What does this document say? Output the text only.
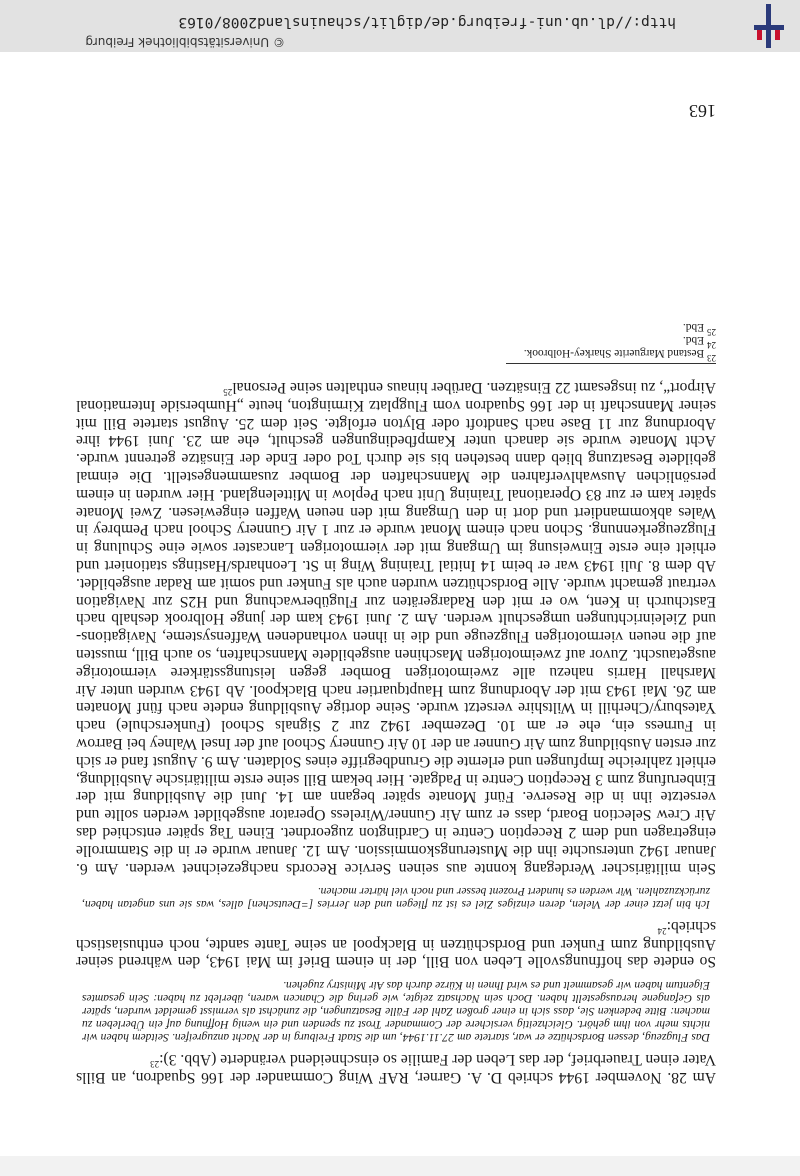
Am 28. November 1944 schrieb D. A. Garner, RAF Wing Commander der 166 Squadron, an Bills Vater einen Trauerbrief, der das Leben der Familie so einschneidend veränderte (Abb. 3):$^{23}$

Das Flugzeug, dessen Bordschütze er war, startete am 27.11.1944, um die Stadt Freiburg in der Nacht anzugreifen. Seitdem haben wir nichts mehr von ihm gehört. Gleichzeitig versichere der Commander Trost zu spenden und ein wenig Hoffnung auf ein Überleben zu machen: Bitte bedenken Sie, dass sich in einer großen Zahl der Fälle Besatzungen, die zunächst als vermisst gemeldet wurden, später als Gefangene herausgestellt haben. Doch sein Nachsatz zeigte, wie gering die Chancen waren, überlebt zu haben: Sein gesamtes Eigentum haben wir gesammelt und es wird Ihnen in Kürze durch das Air Ministry zugehen.

So endete das hoffnungsvolle Leben von Bill, der in einem Brief im Mai 1943, den während seiner Ausbildung zum Funker und Bordschützen in Blackpool an seine Tante sandte, noch enthusiastisch schrieb:$^{24}$

Ich bin jetzt einer der Vielen, deren einziges Ziel es ist zu fliegen und den Jerries [=Deutschen] alles, was sie uns angetan haben, zurückzuzahlen. Wir werden es hundert Prozent besser und noch viel härter machen.

Sein militärischer Werdegang konnte aus seinen Service Records nachgezeichnet werden. Am 6. Januar 1942 untersuchte ihn die Musterungskommission. Am 12. Januar wurde er in die Stammrolle eingetragen und dem 2 Reception Centre in Cardington zugeordnet. Einen Tag später entschied das Air Crew Selection Board, dass er zum Air Gunner/Wireless Operator ausgebildet werden sollte und versetzte ihn in die Reserve. Fünf Monate später begann am 14. Juni die Ausbildung mit der Einberufung zum 3 Reception Centre in Padgate. Hier bekam Bill seine erste militärische Ausbildung, erhielt zahlreiche Impfungen und erlernte die Grundbegriffe eines Soldaten. Am 9. August fand er sich zur ersten Ausbildung zum Air Gunner an der 10 Air Gunnery School auf der Insel Walney bei Barrow in Furness ein, ehe er am 10. Dezember 1942 zur 2 Signals School (Funkerschule) nach Yatesbury/Cherhill in Wiltshire versetzt wurde. Seine dortige Ausbildung endete nach fünf Monaten am 26. Mai 1943 mit der Abordnung zum Hauptquartier nach Blackpool. Ab 1943 wurden unter Air Marshall Harris nahezu alle zweimotorigen Bomber gegen leistungsstärkere viermotorige ausgetauscht. Zuvor auf zweimotorigen Maschinen ausgebildete Mannschaften, so auch Bill, mussten auf die neuen viermotorigen Flugzeuge und die in ihnen vorhandenen Waffensysteme, Navigations- und Zieleinrichtungen umgeschult werden. Am 2. Juni 1943 kam der junge Holbrook deshalb nach Eastchurch in Kent, wo er mit den Radargeräten zur Flugüberwachung und H2S zur Navigation vertraut gemacht wurde. Alle Bordschützen wurden auch als Funker und somit am Radar ausgebildet. Ab dem 8. Juli 1943 war er beim 14 Initial Training Wing in St. Leonhards/Hastings stationiert und erhielt eine erste Einweisung im Umgang mit der viermotorigen Lancaster sowie eine Schulung in Flugzeugerkennung. Schon nach einem Monat wurde er zur 1 Air Gunnery School nach Pembrey in Wales abkommandiert und dort in den Umgang mit den neuen Waffen eingewiesen. Zwei Monate später kam er zur 83 Operational Training Unit nach Peplow in Mittelengland. Hier wurden in einem persönlichen Auswahlverfahren die Mannschaften der Bomber zusammengestellt. Die einmal gebildete Besatzung blieb dann bestehen bis sie durch Tod oder Ende der Einsätze getrennt wurde. Acht Monate wurde sie danach unter Kampfbedingungen geschult, ehe am 23. Juni 1944 ihre Abordnung zur 11 Base nach Sandtoft oder Blyton erfolgte. Seit dem 25. August startete Bill mit seiner Mannschaft in der 166 Squadron vom Flugplatz Kirmington, heute „Humberside International Airport“, zu insgesamt 22 Einsätzen. Darüber hinaus enthalten seine Personal$^{25}$

$^{23}$ Bestand Marguerite Sharkey-Holbrook.

$^{24}$ Ebd.

$^{25}$ Ebd.

163
http://dl.ub.uni-freiburg.de/diglit/schauinsland2008/0163
© Universitätsbibliothek Freiburg
